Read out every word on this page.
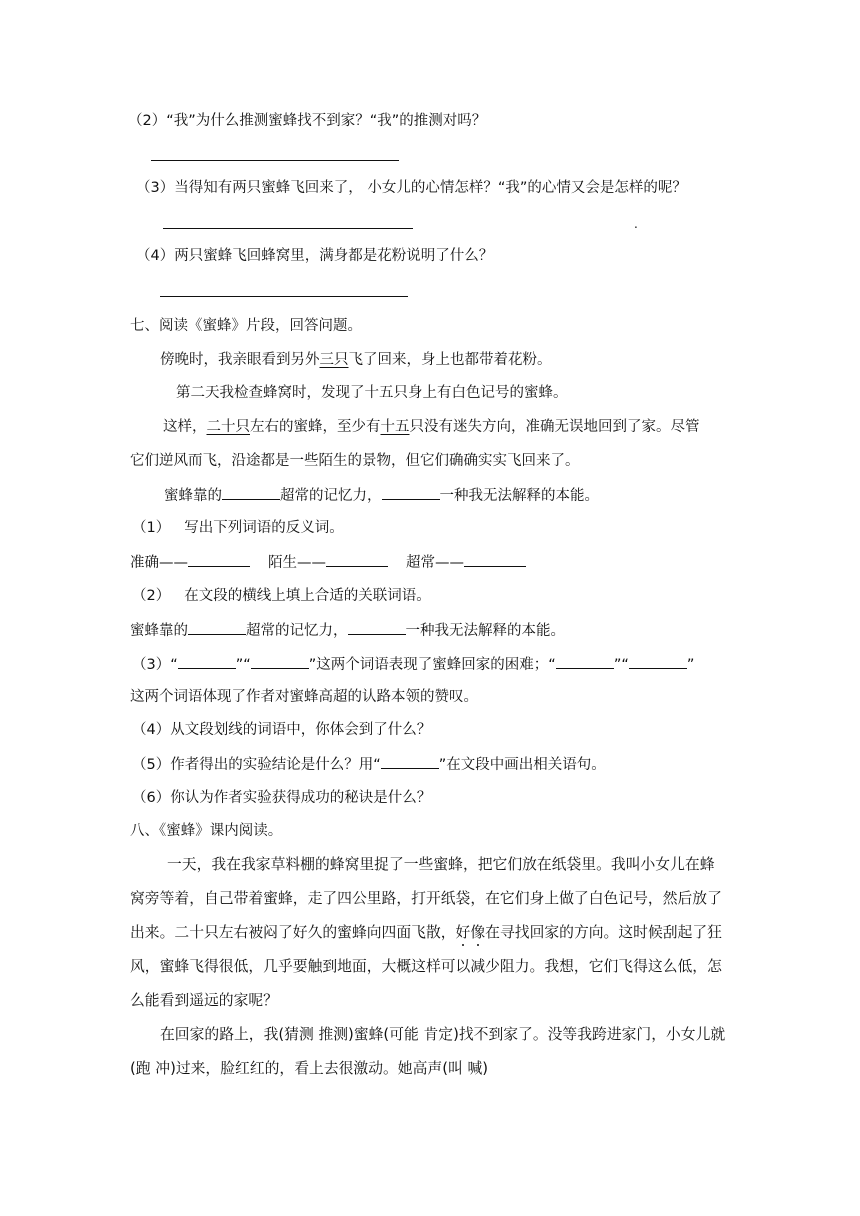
（2）“我”为什么推测蜜蜂找不到家？“我”的推测对吗？
（3）当得知有两只蜜蜂飞回来了， 小女儿的心情怎样？“我”的心情又会是怎样的呢？
.
（4）两只蜜蜂飞回蜂窝里，满身都是花粉说明了什么？
七、阅读《蜜蜂》片段，回答问题。
傍晚时，我亲眼看到另外三只飞了回来，身上也都带着花粉。
第二天我检查蜂窝时，发现了十五只身上有白色记号的蜜蜂。
这样，二十只左右的蜜蜂，至少有十五只没有迷失方向，准确无误地回到了家。尽管
它们逆风而飞，沿途都是一些陌生的景物，但它们确确实实飞回来了。
蜜蜂靠的	超常的记忆力，	一种我无法解释的本能。
（1） 写出下列词语的反义词。
准确——	陌生——	超常——
（2） 在文段的横线上填上合适的关联词语。
蜜蜂靠的	超常的记忆力，	一种我无法解释的本能。
（3）“	”“	”这两个词语表现了蜜蜂回家的困难；“	”“	”
这两个词语体现了作者对蜜蜂高超的认路本领的赞叹。
（4）从文段划线的词语中，你体会到了什么？
（5）作者得出的实验结论是什么？用“	”在文段中画出相关语句。
（6）你认为作者实验获得成功的秘诀是什么？
八、《蜜蜂》课内阅读。
一天，我在我家草料棚的蜂窝里捉了一些蜜蜂，把它们放在纸袋里。我叫小女儿在蜂
窝旁等着，自己带着蜜蜂，走了四公里路，打开纸袋，在它们身上做了白色记号，然后放了
出来。二十只左右被闷了好久的蜜蜂向四面飞散，好像在寻找回家的方向。这时候刮起了狂
风，蜜蜂飞得很低，几乎要触到地面，大概这样可以减少阻力。我想，它们飞得这么低，怎
么能看到遥远的家呢？
在回家的路上，我(猜测 推测)蜜蜂(可能 肯定)找不到家了。没等我跨进家门，小女儿就
(跑 冲)过来，脸红红的，看上去很激动。她高声(叫 喊)
